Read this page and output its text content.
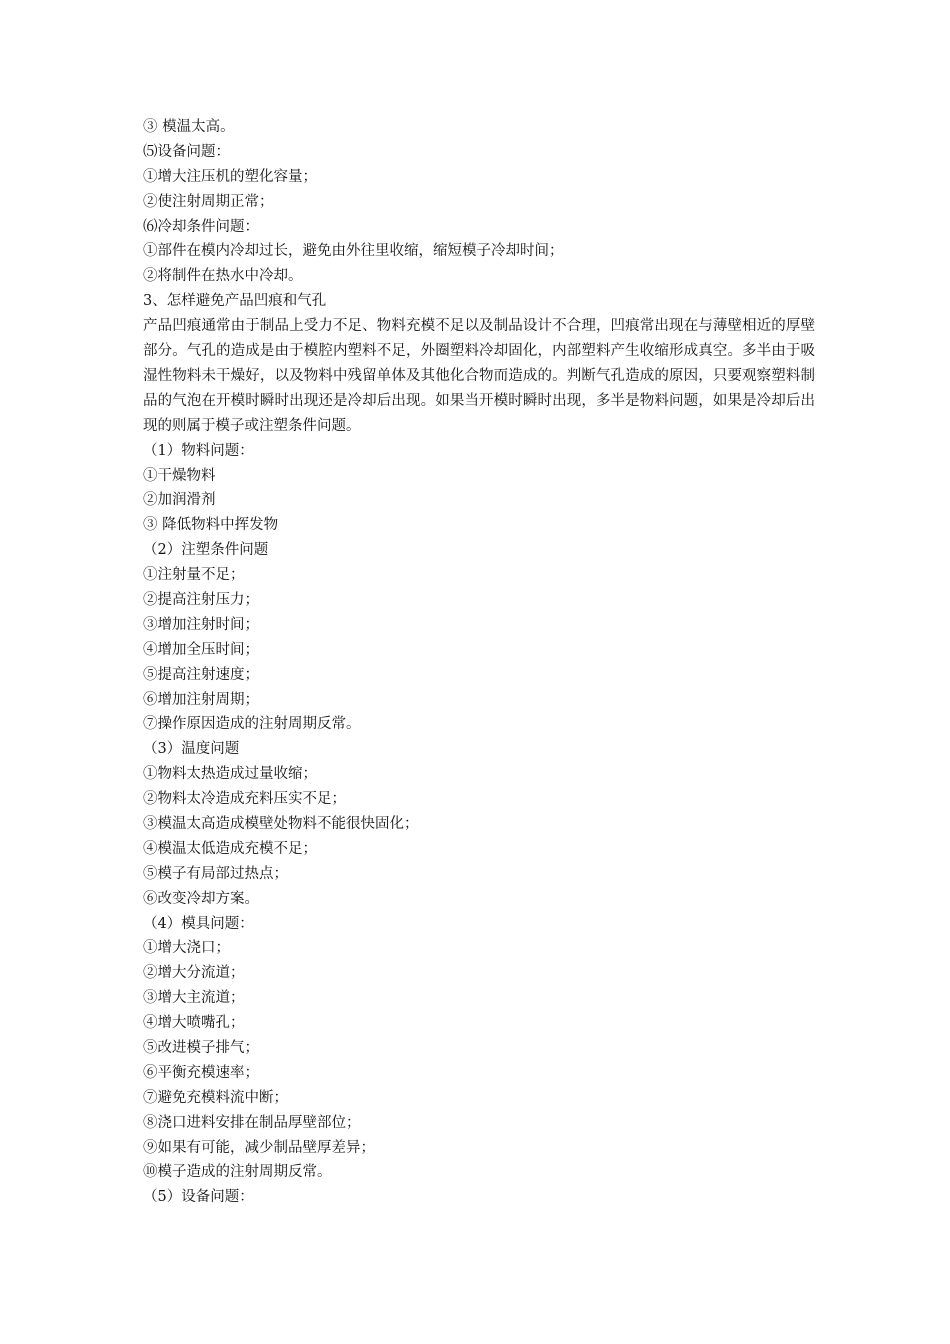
③ 模温太高。
⑸设备问题：
①增大注压机的塑化容量；
②使注射周期正常；
⑹冷却条件问题：
①部件在模内冷却过长，避免由外往里收缩，缩短模子冷却时间；
②将制件在热水中冷却。
3、怎样避免产品凹痕和气孔
产品凹痕通常由于制品上受力不足、物料充模不足以及制品设计不合理，凹痕常出现在与薄壁相近的厚壁部分。气孔的造成是由于模腔内塑料不足，外圈塑料冷却固化，内部塑料产生收缩形成真空。多半由于吸湿性物料未干燥好，以及物料中残留单体及其他化合物而造成的。判断气孔造成的原因，只要观察塑料制品的气泡在开模时瞬时出现还是冷却后出现。如果当开模时瞬时出现，多半是物料问题，如果是冷却后出现的则属于模子或注塑条件问题。
（1）物料问题：
①干燥物料
②加润滑剂
③ 降低物料中挥发物
（2）注塑条件问题
①注射量不足；
②提高注射压力；
③增加注射时间；
④增加全压时间；
⑤提高注射速度；
⑥增加注射周期；
⑦操作原因造成的注射周期反常。
（3）温度问题
①物料太热造成过量收缩；
②物料太冷造成充料压实不足；
③模温太高造成模壁处物料不能很快固化；
④模温太低造成充模不足；
⑤模子有局部过热点；
⑥改变冷却方案。
（4）模具问题：
①增大浇口；
②增大分流道；
③增大主流道；
④增大喷嘴孔；
⑤改进模子排气；
⑥平衡充模速率；
⑦避免充模料流中断；
⑧浇口进料安排在制品厚壁部位；
⑨如果有可能，减少制品壁厚差异；
⑩模子造成的注射周期反常。
（5）设备问题：
